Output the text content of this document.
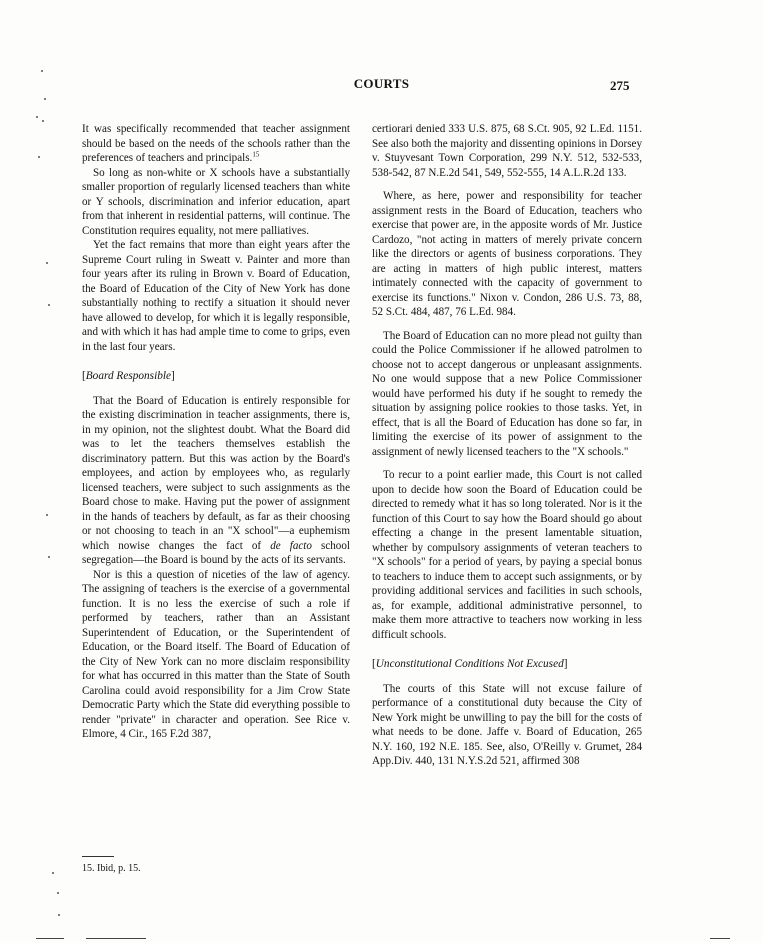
COURTS	275

It was specifically recommended that teacher assignment should be based on the needs of the schools rather than the preferences of teachers and principals.$^{15}$

So long as non-white or X schools have a substantially smaller proportion of regularly licensed teachers than white or Y schools, discrimination and inferior education, apart from that inherent in residential patterns, will continue. The Constitution requires equality, not mere palliatives.

Yet the fact remains that more than eight years after the Supreme Court ruling in Sweatt v. Painter and more than four years after its ruling in Brown v. Board of Education, the Board of Education of the City of New York has done substantially nothing to rectify a situation it should never have allowed to develop, for which it is legally responsible, and with which it has had ample time to come to grips, even in the last four years.

[Board Responsible]

That the Board of Education is entirely responsible for the existing discrimination in teacher assignments, there is, in my opinion, not the slightest doubt. What the Board did was to let the teachers themselves establish the discriminatory pattern. But this was action by the Board's employees, and action by employees who, as regularly licensed teachers, were subject to such assignments as the Board chose to make. Having put the power of assignment in the hands of teachers by default, as far as their choosing or not choosing to teach in an "X school"—a euphemism which nowise changes the fact of de facto school segregation—the Board is bound by the acts of its servants.

Nor is this a question of niceties of the law of agency. The assigning of teachers is the exercise of a governmental function. It is no less the exercise of such a role if performed by teachers, rather than an Assistant Superintendent of Education, or the Superintendent of Education, or the Board itself. The Board of Education of the City of New York can no more disclaim responsibility for what has occurred in this matter than the State of South Carolina could avoid responsibility for a Jim Crow State Democratic Party which the State did everything possible to render "private" in character and operation. See Rice v. Elmore, 4 Cir., 165 F.2d 387,

certiorari denied 333 U.S. 875, 68 S.Ct. 905, 92 L.Ed. 1151. See also both the majority and dissenting opinions in Dorsey v. Stuyvesant Town Corporation, 299 N.Y. 512, 532-533, 538-542, 87 N.E.2d 541, 549, 552-555, 14 A.L.R.2d 133.

Where, as here, power and responsibility for teacher assignment rests in the Board of Education, teachers who exercise that power are, in the apposite words of Mr. Justice Cardozo, "not acting in matters of merely private concern like the directors or agents of business corporations. They are acting in matters of high public interest, matters intimately connected with the capacity of government to exercise its functions." Nixon v. Condon, 286 U.S. 73, 88, 52 S.Ct. 484, 487, 76 L.Ed. 984.

The Board of Education can no more plead not guilty than could the Police Commissioner if he allowed patrolmen to choose not to accept dangerous or unpleasant assignments. No one would suppose that a new Police Commissioner would have performed his duty if he sought to remedy the situation by assigning police rookies to those tasks. Yet, in effect, that is all the Board of Education has done so far, in limiting the exercise of its power of assignment to the assignment of newly licensed teachers to the "X schools."

To recur to a point earlier made, this Court is not called upon to decide how soon the Board of Education could be directed to remedy what it has so long tolerated. Nor is it the function of this Court to say how the Board should go about effecting a change in the present lamentable situation, whether by compulsory assignments of veteran teachers to "X schools" for a period of years, by paying a special bonus to teachers to induce them to accept such assignments, or by providing additional services and facilities in such schools, as, for example, additional administrative personnel, to make them more attractive to teachers now working in less difficult schools.

[Unconstitutional Conditions Not Excused]

The courts of this State will not excuse failure of performance of a constitutional duty because the City of New York might be unwilling to pay the bill for the costs of what needs to be done. Jaffe v. Board of Education, 265 N.Y. 160, 192 N.E. 185. See, also, O'Reilly v. Grumet, 284 App.Div. 440, 131 N.Y.S.2d 521, affirmed 308

15. Ibid, p. 15.
